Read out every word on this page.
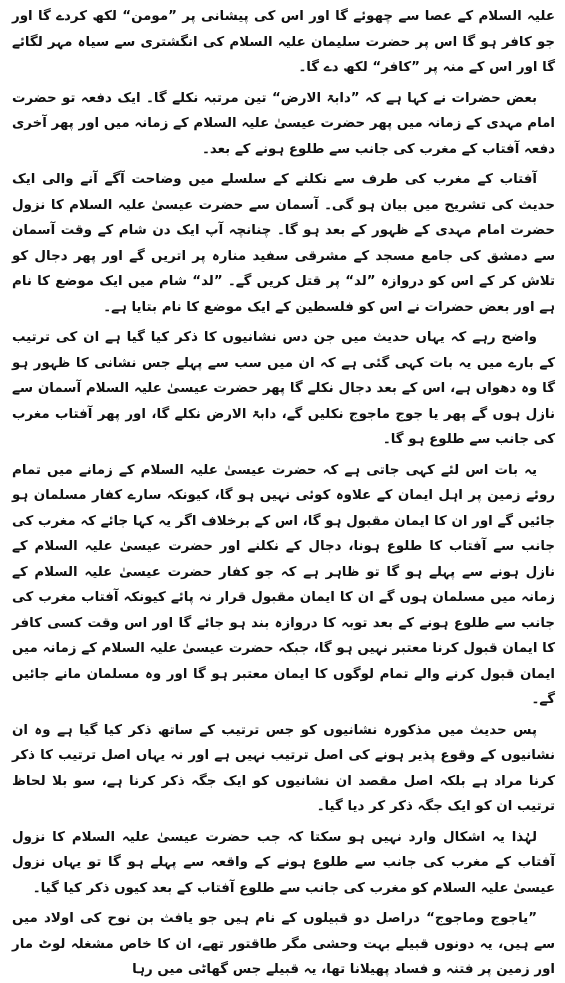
علیہ السلام کے عصا سے چھوئے گا اور اس کی پیشانی پر ”مومن“ لکھ کردے گا اور جو کافر ہو گا اس پر حضرت سلیمان علیہ السلام کی انگشتری سے سیاہ مہر لگائے گا اور اس کے منہ پر ”کافر“ لکھ دے گا۔

بعض حضرات نے کہا ہے کہ ”دابۃ الارض“ تین مرتبہ نکلے گا۔ ایک دفعہ تو حضرت امام مہدی کے زمانہ میں پھر حضرت عیسیٰ علیہ السلام کے زمانہ میں اور پھر آخری دفعہ آفتاب کے مغرب کی جانب سے طلوع ہونے کے بعد۔

آفتاب کے مغرب کی طرف سے نکلنے کے سلسلے میں وضاحت آگے آنے والی ایک حدیث کی تشریح میں بیان ہو گی۔ آسمان سے حضرت عیسیٰ علیہ السلام کا نزول حضرت امام مہدی کے ظہور کے بعد ہو گا۔ چنانچہ آپ ایک دن شام کے وقت آسمان سے دمشق کی جامع مسجد کے مشرقی سفید منارہ پر اتریں گے اور پھر دجال کو تلاش کر کے اس کو دروازہ ”لد“ پر قتل کریں گے۔ ”لد“ شام میں ایک موضع کا نام ہے اور بعض حضرات نے اس کو فلسطین کے ایک موضع کا نام بتایا ہے۔

واضح رہے کہ یہاں حدیث میں جن دس نشانیوں کا ذکر کیا گیا ہے ان کی ترتیب کے بارے میں یہ بات کہی گئی ہے کہ ان میں سب سے پہلے جس نشانی کا ظہور ہو گا وہ دھواں ہے، اس کے بعد دجال نکلے گا پھر حضرت عیسیٰ علیہ السلام آسمان سے نازل ہوں گے پھر یا جوج ماجوج نکلیں گے، دابۃ الارض نکلے گا، اور پھر آفتاب مغرب کی جانب سے طلوع ہو گا۔

یہ بات اس لئے کہی جاتی ہے کہ حضرت عیسیٰ علیہ السلام کے زمانے میں تمام روئے زمین پر اہل ایمان کے علاوہ کوئی نہیں ہو گا، کیونکہ سارے کفار مسلمان ہو جائیں گے اور ان کا ایمان مقبول ہو گا، اس کے برخلاف اگر یہ کہا جائے کہ مغرب کی جانب سے آفتاب کا طلوع ہونا، دجال کے نکلنے اور حضرت عیسیٰ علیہ السلام کے نازل ہونے سے پہلے ہو گا تو ظاہر ہے کہ جو کفار حضرت عیسیٰ علیہ السلام کے زمانہ میں مسلمان ہوں گے ان کا ایمان مقبول قرار نہ پائے کیونکہ آفتاب مغرب کی جانب سے طلوع ہونے کے بعد توبہ کا دروازہ بند ہو جائے گا اور اس وقت کسی کافر کا ایمان قبول کرنا معتبر نہیں ہو گا، جبکہ حضرت عیسیٰ علیہ السلام کے زمانہ میں ایمان قبول کرنے والے تمام لوگوں کا ایمان معتبر ہو گا اور وہ مسلمان مانے جائیں گے۔

پس حدیث میں مذکورہ نشانیوں کو جس ترتیب کے ساتھ ذکر کیا گیا ہے وہ ان نشانیوں کے وقوع پذیر ہونے کی اصل ترتیب نہیں ہے اور نہ یہاں اصل ترتیب کا ذکر کرنا مراد ہے بلکہ اصل مقصد ان نشانیوں کو ایک جگہ ذکر کرنا ہے، سو بلا لحاظ ترتیب ان کو ایک جگہ ذکر کر دیا گیا۔

لہٰذا یہ اشکال وارد نہیں ہو سکتا کہ جب حضرت عیسیٰ علیہ السلام کا نزول آفتاب کے مغرب کی جانب سے طلوع ہونے کے واقعہ سے پہلے ہو گا تو یہاں نزول عیسیٰ علیہ السلام کو مغرب کی جانب سے طلوع آفتاب کے بعد کیوں ذکر کیا گیا۔

”یاجوج وماجوج“ دراصل دو قبیلوں کے نام ہیں جو یافث بن نوح کی اولاد میں سے ہیں، یہ دونوں قبیلے بہت وحشی مگر طاقتور تھے، ان کا خاص مشغلہ لوٹ مار اور زمین پر فتنہ و فساد پھیلانا تھا، یہ قبیلے جس گھاٹی میں رہا
